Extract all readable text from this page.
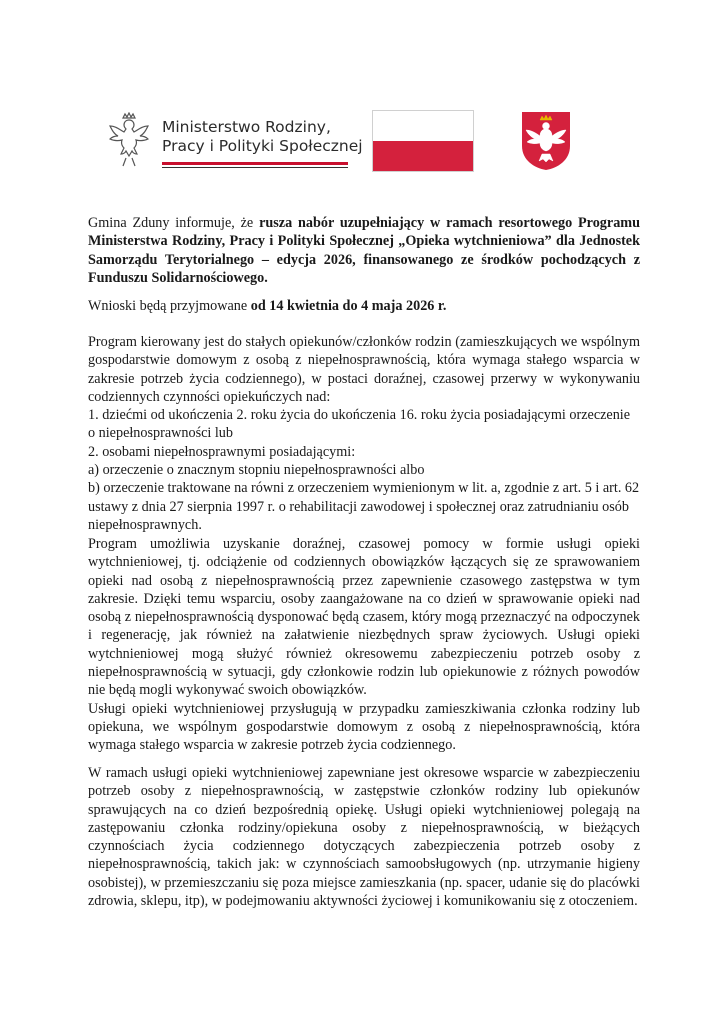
Ministerstwo Rodziny,
Pracy i Polityki Społecznej

Gmina Zduny informuje, że rusza nabór uzupełniający w ramach resortowego Programu Ministerstwa Rodziny, Pracy i Polityki Społecznej „Opieka wytchnieniowa” dla Jednostek Samorządu Terytorialnego – edycja 2026, finansowanego ze środków pochodzących z Funduszu Solidarnościowego.

Wnioski będą przyjmowane od 14 kwietnia do 4 maja 2026 r.

Program kierowany jest do stałych opiekunów/członków rodzin (zamieszkujących we wspólnym gospodarstwie domowym z osobą z niepełnosprawnością, która wymaga stałego wsparcia w zakresie potrzeb życia codziennego), w postaci doraźnej, czasowej przerwy w wykonywaniu codziennych czynności opiekuńczych nad:

1. dziećmi od ukończenia 2. roku życia do ukończenia 16. roku życia posiadającymi orzeczenie o niepełnosprawności lub

2. osobami niepełnosprawnymi posiadającymi:

a) orzeczenie o znacznym stopniu niepełnosprawności albo

b) orzeczenie traktowane na równi z orzeczeniem wymienionym w lit. a, zgodnie z art. 5 i art. 62 ustawy z dnia 27 sierpnia 1997 r. o rehabilitacji zawodowej i społecznej oraz zatrudnianiu osób niepełnosprawnych.

Program umożliwia uzyskanie doraźnej, czasowej pomocy w formie usługi opieki wytchnieniowej, tj. odciążenie od codziennych obowiązków łączących się ze sprawowaniem opieki nad osobą z niepełnosprawnością przez zapewnienie czasowego zastępstwa w tym zakresie. Dzięki temu wsparciu, osoby zaangażowane na co dzień w sprawowanie opieki nad osobą z niepełnosprawnością dysponować będą czasem, który mogą przeznaczyć na odpoczynek i regenerację, jak również na załatwienie niezbędnych spraw życiowych. Usługi opieki wytchnieniowej mogą służyć również okresowemu zabezpieczeniu potrzeb osoby z niepełnosprawnością w sytuacji, gdy członkowie rodzin lub opiekunowie z różnych powodów nie będą mogli wykonywać swoich obowiązków.

Usługi opieki wytchnieniowej przysługują w przypadku zamieszkiwania członka rodziny lub opiekuna, we wspólnym gospodarstwie domowym z osobą z niepełnosprawnością, która wymaga stałego wsparcia w zakresie potrzeb życia codziennego.

W ramach usługi opieki wytchnieniowej zapewniane jest okresowe wsparcie w zabezpieczeniu potrzeb osoby z niepełnosprawnością, w zastępstwie członków rodziny lub opiekunów sprawujących na co dzień bezpośrednią opiekę. Usługi opieki wytchnieniowej polegają na zastępowaniu członka rodziny/opiekuna osoby z niepełnosprawnością, w bieżących czynnościach życia codziennego dotyczących zabezpieczenia potrzeb osoby z niepełnosprawnością, takich jak: w czynnościach samoobsługowych (np. utrzymanie higieny osobistej), w przemieszczaniu się poza miejsce zamieszkania (np. spacer, udanie się do placówki zdrowia, sklepu, itp), w podejmowaniu aktywności życiowej i komunikowaniu się z otoczeniem.
